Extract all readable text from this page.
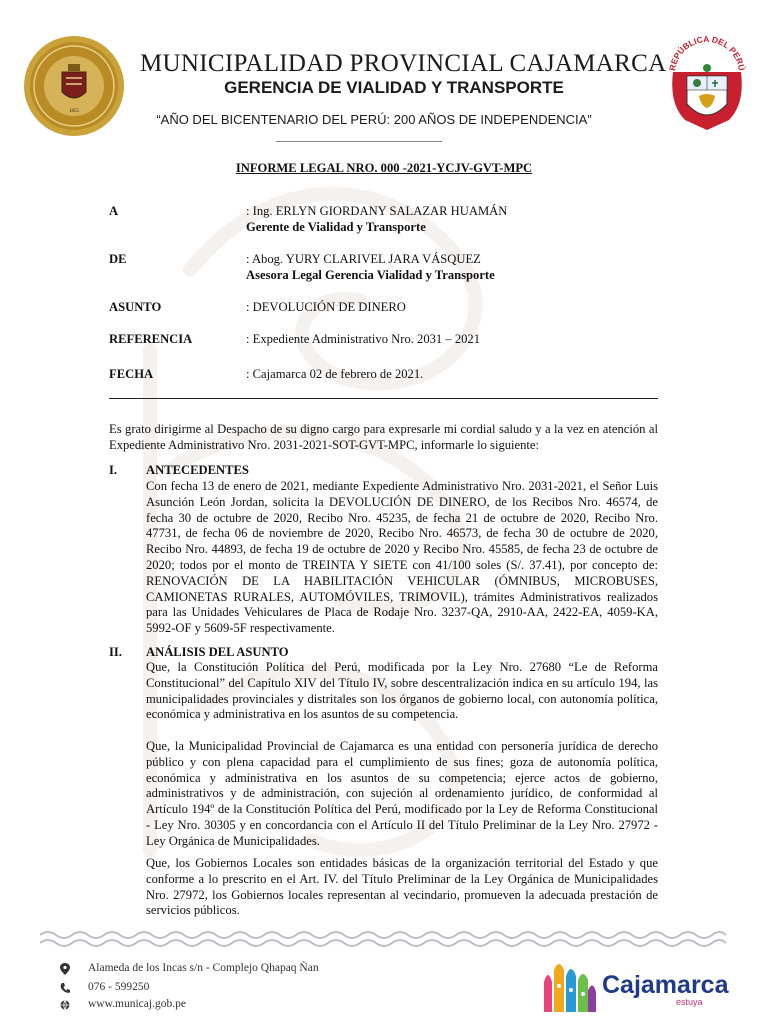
1855
REPÚBLICA DEL PERÚ
MUNICIPALIDAD PROVINCIAL CAJAMARCA
GERENCIA DE VIALIDAD Y TRANSPORTE
“AÑO DEL BICENTENARIO DEL PERÚ: 200 AÑOS DE INDEPENDENCIA”
INFORME LEGAL NRO. 000 -2021-YCJV-GVT-MPC
A	: Ing. ERLYN GIORDANY SALAZAR HUAMÁN
Gerente de Vialidad y Transporte
DE	: Abog. YURY CLARIVEL JARA VÁSQUEZ
Asesora Legal Gerencia Vialidad y Transporte
ASUNTO	: DEVOLUCIÓN DE DINERO
REFERENCIA	: Expediente Administrativo Nro. 2031 – 2021
FECHA	: Cajamarca 02 de febrero de 2021.
Es grato dirigirme al Despacho de su digno cargo para expresarle mi cordial saludo y a la vez en atención al Expediente Administrativo Nro. 2031-2021-SOT-GVT-MPC, informarle lo siguiente:
I. ANTECEDENTES
Con fecha 13 de enero de 2021, mediante Expediente Administrativo Nro. 2031-2021, el Señor Luis Asunción León Jordan, solicita la DEVOLUCIÓN DE DINERO, de los Recibos Nro. 46574, de fecha 30 de octubre de 2020, Recibo Nro. 45235, de fecha 21 de octubre de 2020, Recibo Nro. 47731, de fecha 06 de noviembre de 2020, Recibo Nro. 46573, de fecha 30 de octubre de 2020, Recibo Nro. 44893, de fecha 19 de octubre de 2020 y Recibo Nro. 45585, de fecha 23 de octubre de 2020; todos por el monto de TREINTA Y SIETE con 41/100 soles (S/. 37.41), por concepto de: RENOVACIÓN DE LA HABILITACIÓN VEHICULAR (ÓMNIBUS, MICROBUSES, CAMIONETAS RURALES, AUTOMÓVILES, TRIMOVIL), trámites Administrativos realizados para las Unidades Vehiculares de Placa de Rodaje Nro. 3237-QA, 2910-AA, 2422-EA, 4059-KA, 5992-OF y 5609-5F respectivamente.
II. ANÁLISIS DEL ASUNTO
Que, la Constitución Política del Perú, modificada por la Ley Nro. 27680 “Le de Reforma Constitucional” del Capítulo XIV del Título IV, sobre descentralización indica en su artículo 194, las municipalidades provinciales y distritales son los órganos de gobierno local, con autonomía política, económica y administrativa en los asuntos de su competencia.
Que, la Municipalidad Provincial de Cajamarca es una entidad con personería jurídica de derecho público y con plena capacidad para el cumplimiento de sus fines; goza de autonomía política, económica y administrativa en los asuntos de su competencia; ejerce actos de gobierno, administrativos y de administración, con sujeción al ordenamiento jurídico, de conformidad al Artículo 194º de la Constitución Política del Perú, modificado por la Ley de Reforma Constitucional - Ley Nro. 30305 y en concordancia con el Artículo II del Título Preliminar de la Ley Nro. 27972 - Ley Orgánica de Municipalidades.
Que, los Gobiernos Locales son entidades básicas de la organización territorial del Estado y que conforme a lo prescrito en el Art. IV. del Título Preliminar de la Ley Orgánica de Municipalidades Nro. 27972, los Gobiernos locales representan al vecindario, promueven la adecuada prestación de servicios públicos.
Alameda de los Incas s/n - Complejo Qhapaq Ñan
076 - 599250
www.municaj.gob.pe
Cajamarca
estuya
